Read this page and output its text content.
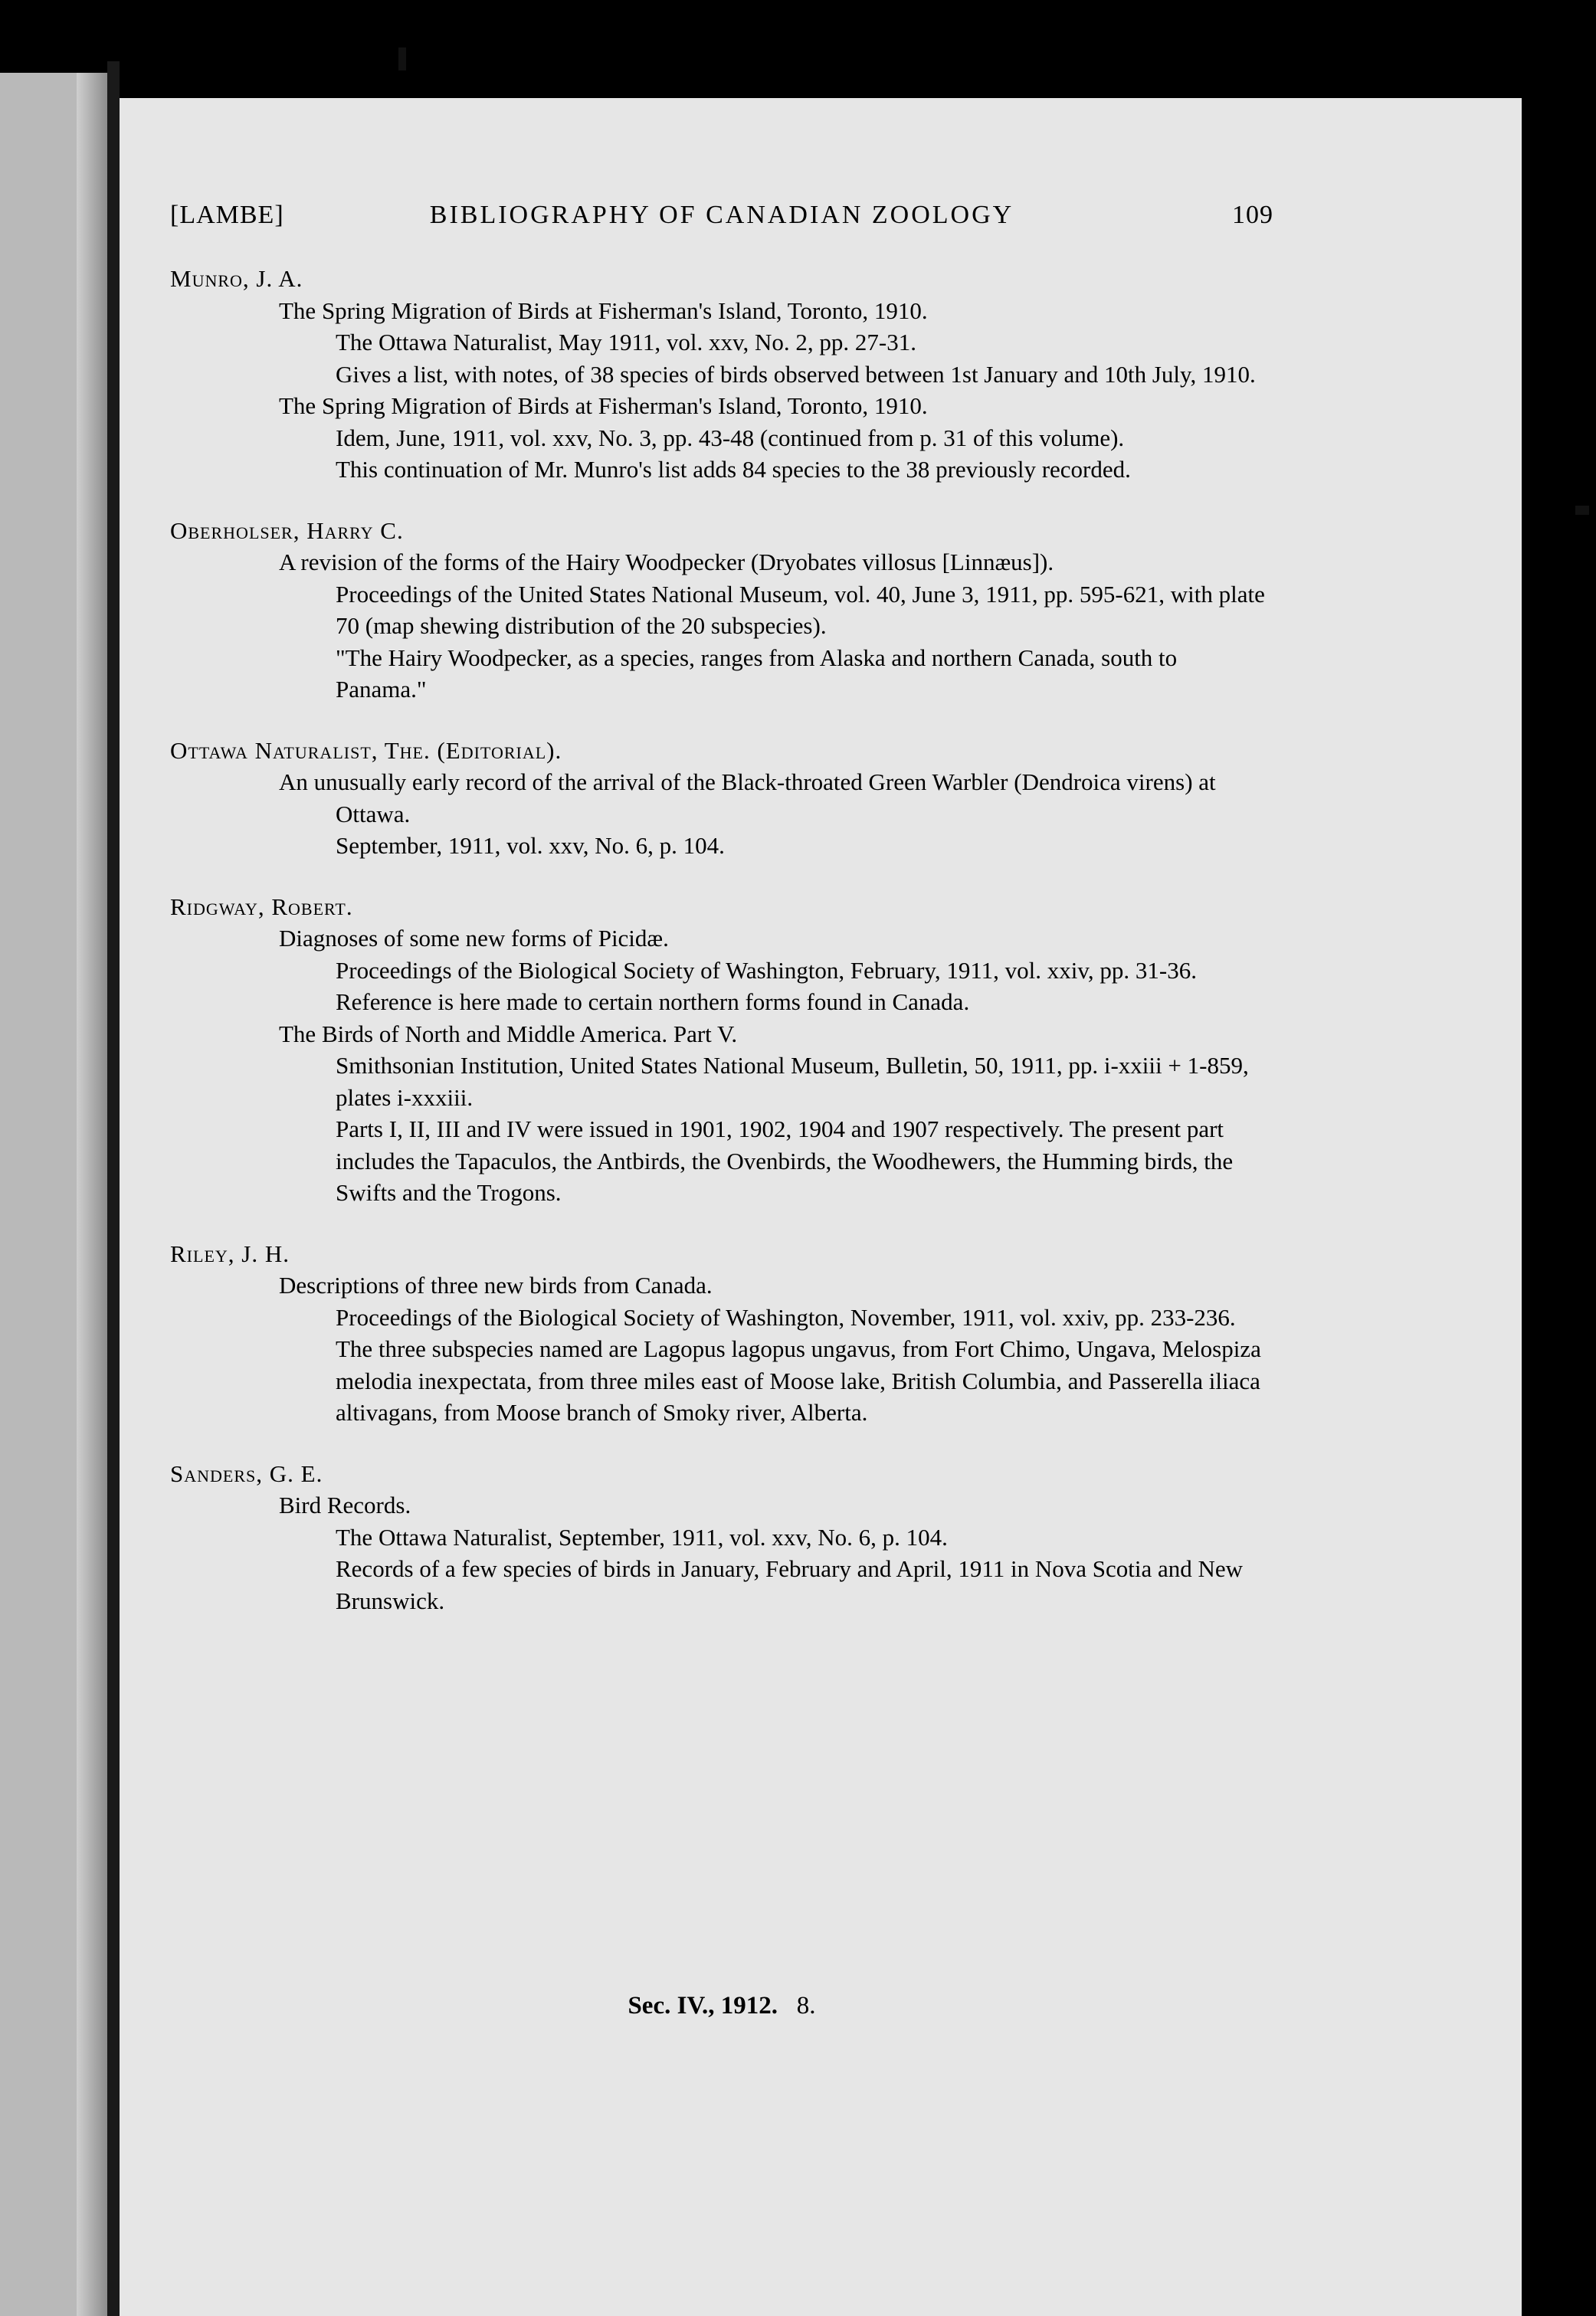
[LAMBE]	BIBLIOGRAPHY OF CANADIAN ZOOLOGY	109
Munro, J. A.
The Spring Migration of Birds at Fisherman's Island, Toronto, 1910.
The Ottawa Naturalist, May 1911, vol. xxv, No. 2, pp. 27-31.
Gives a list, with notes, of 38 species of birds observed between 1st January and 10th July, 1910.
The Spring Migration of Birds at Fisherman's Island, Toronto, 1910.
Idem, June, 1911, vol. xxv, No. 3, pp. 43-48 (continued from p. 31 of this volume).
This continuation of Mr. Munro's list adds 84 species to the 38 previously recorded.
Oberholser, Harry C.
A revision of the forms of the Hairy Woodpecker (Dryobates villosus [Linnæus]).
Proceedings of the United States National Museum, vol. 40, June 3, 1911, pp. 595-621, with plate 70 (map shewing distribution of the 20 subspecies).
"The Hairy Woodpecker, as a species, ranges from Alaska and northern Canada, south to Panama."
Ottawa Naturalist, The. (Editorial).
An unusually early record of the arrival of the Black-throated Green Warbler (Dendroica virens) at Ottawa.
September, 1911, vol. xxv, No. 6, p. 104.
Ridgway, Robert.
Diagnoses of some new forms of Picidæ.
Proceedings of the Biological Society of Washington, February, 1911, vol. xxiv, pp. 31-36.
Reference is here made to certain northern forms found in Canada.
The Birds of North and Middle America. Part V.
Smithsonian Institution, United States National Museum, Bulletin, 50, 1911, pp. i-xxiii + 1-859, plates i-xxxiii.
Parts I, II, III and IV were issued in 1901, 1902, 1904 and 1907 respectively. The present part includes the Tapaculos, the Antbirds, the Ovenbirds, the Woodhewers, the Humming birds, the Swifts and the Trogons.
Riley, J. H.
Descriptions of three new birds from Canada.
Proceedings of the Biological Society of Washington, November, 1911, vol. xxiv, pp. 233-236.
The three subspecies named are Lagopus lagopus ungavus, from Fort Chimo, Ungava, Melospiza melodia inexpectata, from three miles east of Moose lake, British Columbia, and Passerella iliaca altivagans, from Moose branch of Smoky river, Alberta.
Sanders, G. E.
Bird Records.
The Ottawa Naturalist, September, 1911, vol. xxv, No. 6, p. 104.
Records of a few species of birds in January, February and April, 1911 in Nova Scotia and New Brunswick.
Sec. IV., 1912. 8.
